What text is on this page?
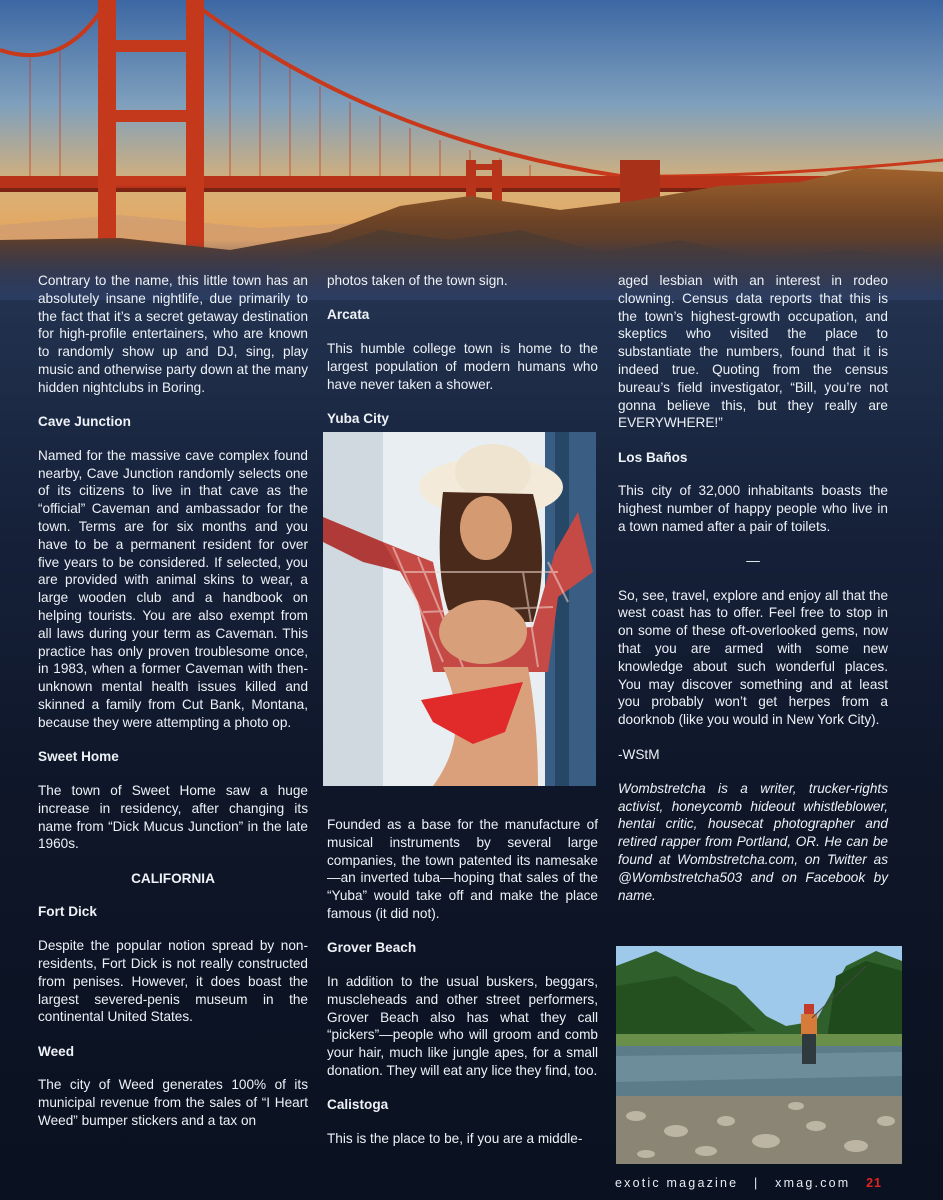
Contrary to the name, this little town has an absolutely insane nightlife, due primarily to the fact that it’s a secret getaway destination for high-profile entertainers, who are known to randomly show up and DJ, sing, play music and otherwise party down at the many hidden nightclubs in Boring.

Cave Junction

Named for the massive cave complex found nearby, Cave Junction randomly selects one of its citizens to live in that cave as the “official” Caveman and ambassador for the town. Terms are for six months and you have to be a permanent resident for over five years to be considered. If selected, you are provided with animal skins to wear, a large wooden club and a handbook on helping tourists. You are also exempt from all laws during your term as Caveman. This practice has only proven troublesome once, in 1983, when a former Caveman with then-unknown mental health issues killed and skinned a family from Cut Bank, Montana, because they were attempting a photo op.

Sweet Home

The town of Sweet Home saw a huge increase in residency, after changing its name from “Dick Mucus Junction” in the late 1960s.

CALIFORNIA
Fort Dick

Despite the popular notion spread by non-residents, Fort Dick is not really constructed from penises. However, it does boast the largest severed-penis museum in the continental United States.

Weed

The city of Weed generates 100% of its municipal revenue from the sales of “I Heart Weed” bumper stickers and a tax on

photos taken of the town sign.

Arcata

This humble college town is home to the largest population of modern humans who have never taken a shower.

Yuba City

Founded as a base for the manufacture of musical instruments by several large companies, the town patented its namesake—an inverted tuba—hoping that sales of the “Yuba” would take off and make the place famous (it did not).

Grover Beach

In addition to the usual buskers, beggars, muscleheads and other street performers, Grover Beach also has what they call “pickers”—people who will groom and comb your hair, much like jungle apes, for a small donation. They will eat any lice they find, too.

Calistoga

This is the place to be, if you are a middle-

aged lesbian with an interest in rodeo clowning. Census data reports that this is the town’s highest-growth occupation, and skeptics who visited the place to substantiate the numbers, found that it is indeed true. Quoting from the census bureau’s field investigator, “Bill, you’re not gonna believe this, but they really are EVERYWHERE!”

Los Baños

This city of 32,000 inhabitants boasts the highest number of happy people who live in a town named after a pair of toilets.

—

So, see, travel, explore and enjoy all that the west coast has to offer. Feel free to stop in on some of these oft-overlooked gems, now that you are armed with some new knowledge about such wonderful places. You may discover something and at least you probably won’t get herpes from a doorknob (like you would in New York City).

-WStM

Wombstretcha is a writer, trucker-rights activist, honeycomb hideout whistleblower, hentai critic, housecat photographer and retired rapper from Portland, OR. He can be found at Wombstretcha.com, on Twitter as @Wombstretcha503 and on Facebook by name.

exotic magazine | xmag.com 21
